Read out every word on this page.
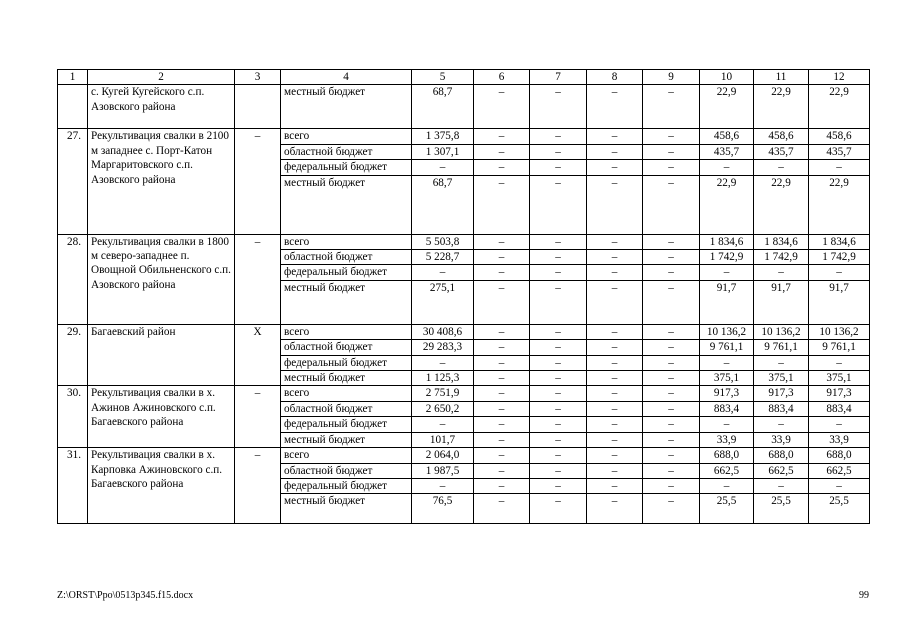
1	2	3	4	5	6	7	8	9	10	11	12
	с. Кугей Кугейского с.п. Азовского района		местный бюджет	68,7	–	–	–	–	22,9	22,9	22,9
27.	Рекультивация свалки в 2100 м западнее с. Порт-Катон Маргаритовского с.п. Азовского района	–	всего	1 375,8	–	–	–	–	458,6	458,6	458,6
			областной бюджет	1 307,1	–	–	–	–	435,7	435,7	435,7
			федеральный бюджет	–	–	–	–	–	–	–	–
			местный бюджет	68,7	–	–	–	–	22,9	22,9	22,9
28.	Рекультивация свалки в 1800 м северо-западнее п. Овощной Обильненского с.п. Азовского района	–	всего	5 503,8	–	–	–	–	1 834,6	1 834,6	1 834,6
			областной бюджет	5 228,7	–	–	–	–	1 742,9	1 742,9	1 742,9
			федеральный бюджет	–	–	–	–	–	–	–	–
			местный бюджет	275,1	–	–	–	–	91,7	91,7	91,7
29.	Багаевский район	Х	всего	30 408,6	–	–	–	–	10 136,2	10 136,2	10 136,2
			областной бюджет	29 283,3	–	–	–	–	9 761,1	9 761,1	9 761,1
			федеральный бюджет	–	–	–	–	–	–	–	–
			местный бюджет	1 125,3	–	–	–	–	375,1	375,1	375,1
30.	Рекультивация свалки в х. Ажинов Ажиновского с.п. Багаевского района	–	всего	2 751,9	–	–	–	–	917,3	917,3	917,3
			областной бюджет	2 650,2	–	–	–	–	883,4	883,4	883,4
			федеральный бюджет	–	–	–	–	–	–	–	–
			местный бюджет	101,7	–	–	–	–	33,9	33,9	33,9
31.	Рекультивация свалки в х. Карповка Ажиновского с.п. Багаевского района	–	всего	2 064,0	–	–	–	–	688,0	688,0	688,0
			областной бюджет	1 987,5	–	–	–	–	662,5	662,5	662,5
			федеральный бюджет	–	–	–	–	–	–	–	–
			местный бюджет	76,5	–	–	–	–	25,5	25,5	25,5
Z:\ORST\Ppo\0513p345.f15.docx	99
